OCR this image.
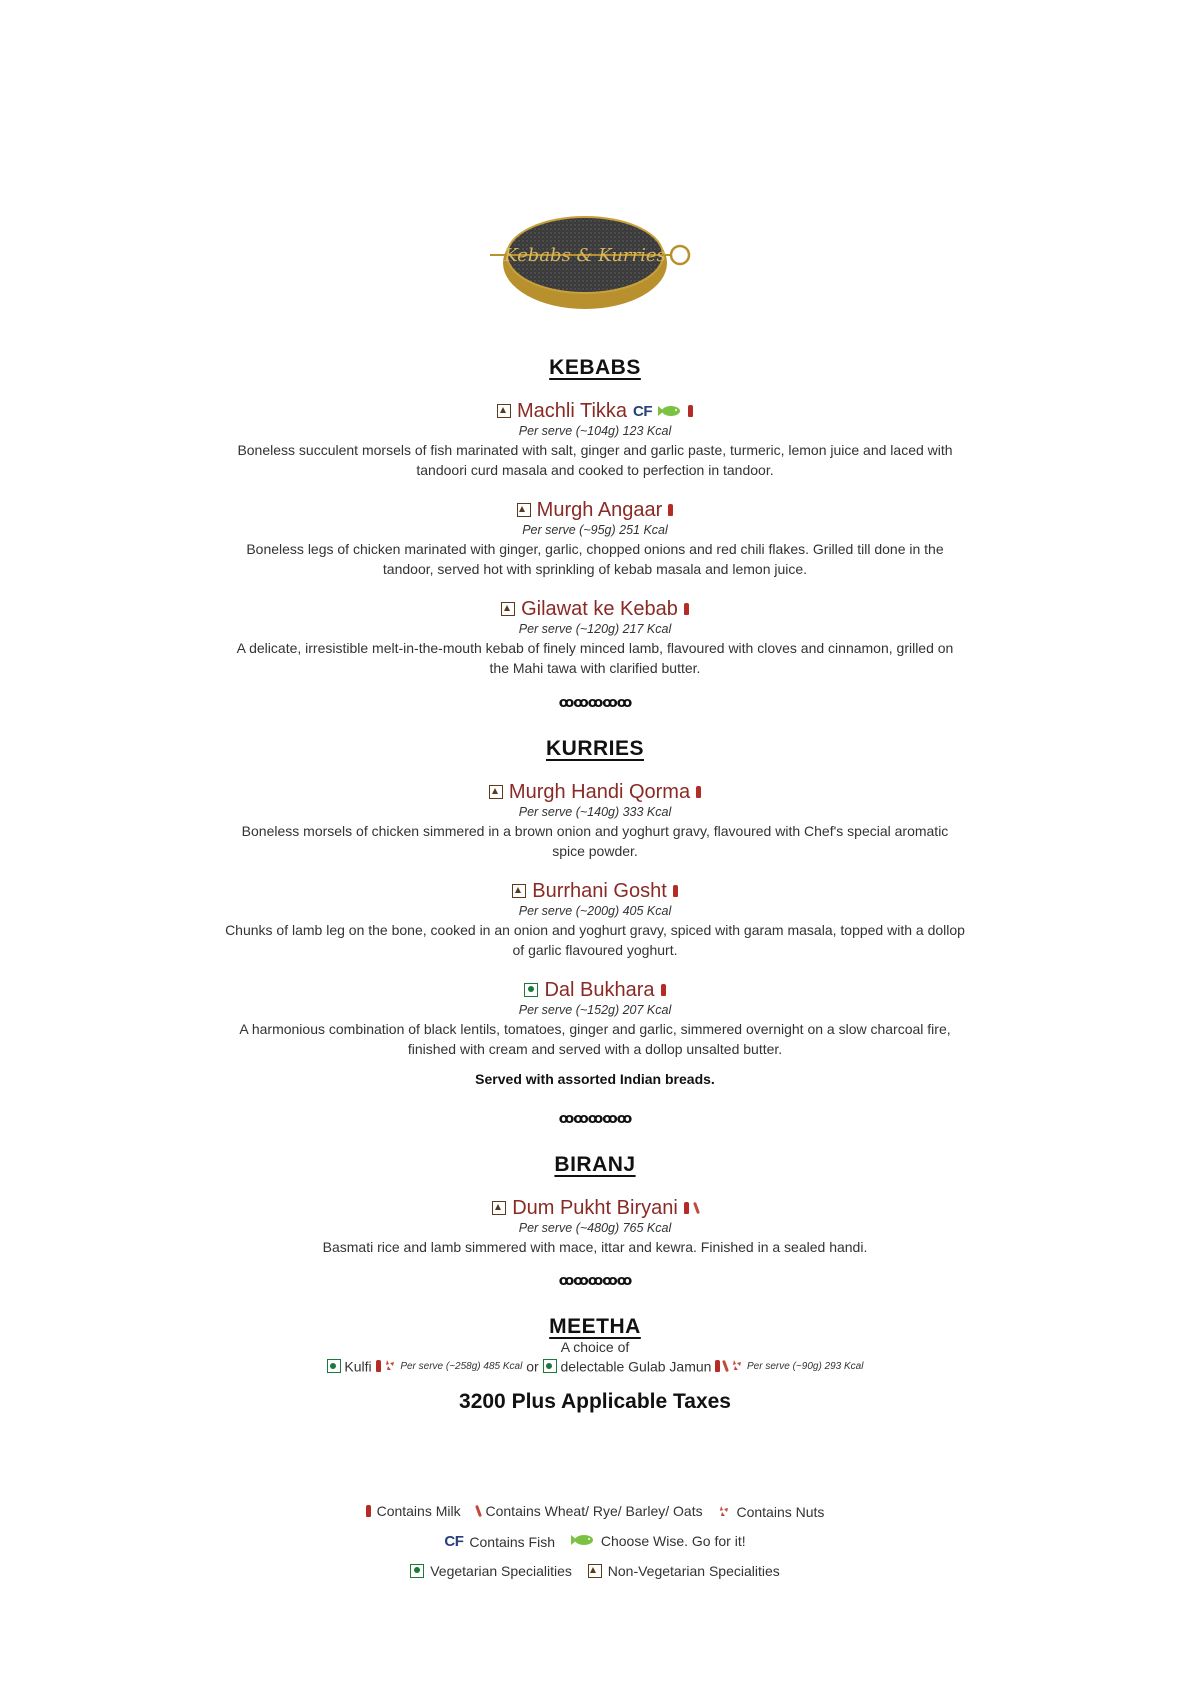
Kebabs & Kurries
KEBABS
Machli Tikka CF
Per serve (~104g) 123 Kcal
Boneless succulent morsels of fish marinated with salt, ginger and garlic paste, turmeric, lemon juice and laced with tandoori curd masala and cooked to perfection in tandoor.
Murgh Angaar
Per serve (~95g) 251 Kcal
Boneless legs of chicken marinated with ginger, garlic, chopped onions and red chili flakes. Grilled till done in the tandoor, served hot with sprinkling of kebab masala and lemon juice.
Gilawat ke Kebab
Per serve (~120g) 217 Kcal
A delicate, irresistible melt-in-the-mouth kebab of finely minced lamb, flavoured with cloves and cinnamon, grilled on the Mahi tawa with clarified butter.
ꝏꝏꝏꝏꝏ
KURRIES
Murgh Handi Qorma
Per serve (~140g) 333 Kcal
Boneless morsels of chicken simmered in a brown onion and yoghurt gravy, flavoured with Chef's special aromatic spice powder.
Burrhani Gosht
Per serve (~200g) 405 Kcal
Chunks of lamb leg on the bone, cooked in an onion and yoghurt gravy, spiced with garam masala, topped with a dollop of garlic flavoured yoghurt.
Dal Bukhara
Per serve (~152g) 207 Kcal
A harmonious combination of black lentils, tomatoes, ginger and garlic, simmered overnight on a slow charcoal fire, finished with cream and served with a dollop unsalted butter.
Served with assorted Indian breads.
ꝏꝏꝏꝏꝏ
BIRANJ
Dum Pukht Biryani
Per serve (~480g) 765 Kcal
Basmati rice and lamb simmered with mace, ittar and kewra. Finished in a sealed handi.
ꝏꝏꝏꝏꝏ
MEETHA
A choice of
Kulfi	Per serve (~258g) 485 Kcal or delectable Gulab Jamun	Per serve (~90g) 293 Kcal
3200 Plus Applicable Taxes
Contains Milk
Contains Wheat/ Rye/ Barley/ Oats
Contains Nuts
CF Contains Fish
	Choose Wise. Go for it!
Vegetarian Specialities
	Non-Vegetarian Specialities
